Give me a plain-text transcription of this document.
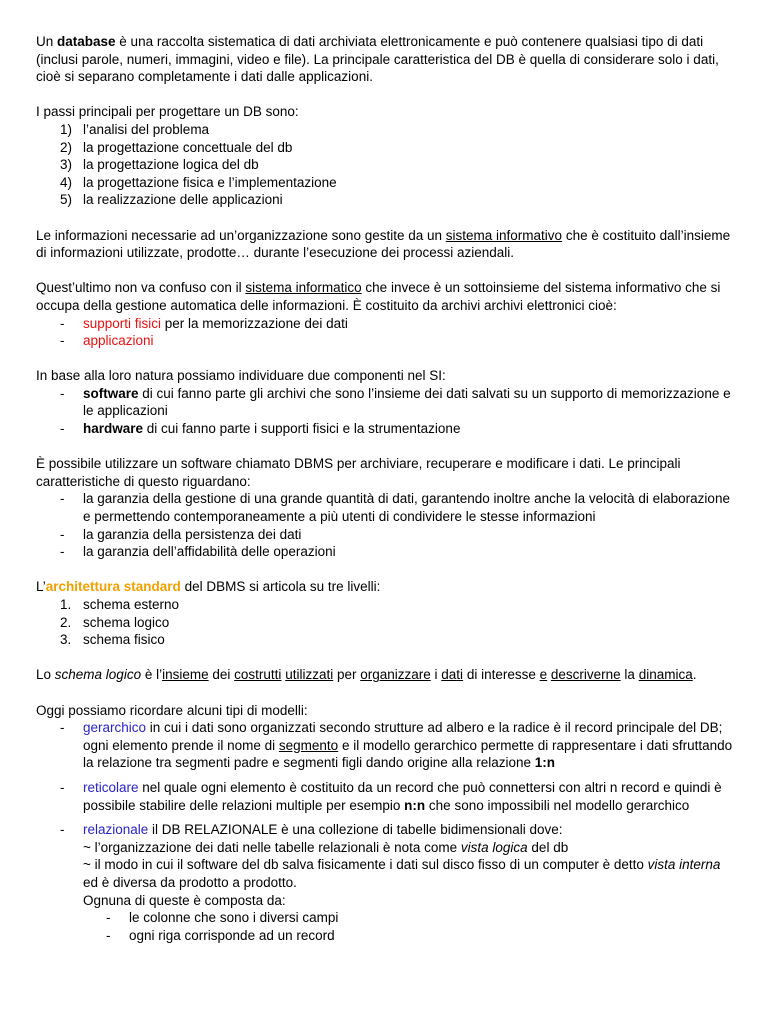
Un database è una raccolta sistematica di dati archiviata elettronicamente e può contenere qualsiasi tipo di dati (inclusi parole, numeri, immagini, video e file). La principale caratteristica del DB è quella di considerare solo i dati, cioè si separano completamente i dati dalle applicazioni.

I passi principali per progettare un DB sono:

1) l’analisi del problema
2) la progettazione concettuale del db
3) la progettazione logica del db
4) la progettazione fisica e l’implementazione
5) la realizzazione delle applicazioni

Le informazioni necessarie ad un’organizzazione sono gestite da un sistema informativo che è costituito dall’insieme di informazioni utilizzate, prodotte… durante l’esecuzione dei processi aziendali.

Quest’ultimo non va confuso con il sistema informatico che invece è un sottoinsieme del sistema informativo che si occupa della gestione automatica delle informazioni. È costituito da archivi archivi elettronici cioè:

- supporti fisici per la memorizzazione dei dati
- applicazioni

In base alla loro natura possiamo individuare due componenti nel SI:

- software di cui fanno parte gli archivi che sono l’insieme dei dati salvati su un supporto di memorizzazione e le applicazioni
- hardware di cui fanno parte i supporti fisici e la strumentazione

È possibile utilizzare un software chiamato DBMS per archiviare, recuperare e modificare i dati. Le principali caratteristiche di questo riguardano:

- la garanzia della gestione di una grande quantità di dati, garantendo inoltre anche la velocità di elaborazione e permettendo contemporaneamente a più utenti di condividere le stesse informazioni
- la garanzia della persistenza dei dati
- la garanzia dell’affidabilità delle operazioni

L’architettura standard del DBMS si articola su tre livelli:

1. schema esterno
2. schema logico
3. schema fisico

Lo schema logico è l’insieme dei costrutti utilizzati per organizzare i dati di interesse e descriverne la dinamica.

Oggi possiamo ricordare alcuni tipi di modelli:

- gerarchico in cui i dati sono organizzati secondo strutture ad albero e la radice è il record principale del DB; ogni elemento prende il nome di segmento e il modello gerarchico permette di rappresentare i dati sfruttando la relazione tra segmenti padre e segmenti figli dando origine alla relazione 1:n
- reticolare nel quale ogni elemento è costituito da un record che può connettersi con altri n record e quindi è possibile stabilire delle relazioni multiple per esempio n:n che sono impossibili nel modello gerarchico
- relazionale il DB RELAZIONALE è una collezione di tabelle bidimensionali dove:
~ l’organizzazione dei dati nelle tabelle relazionali è nota come vista logica del db
~ il modo in cui il software del db salva fisicamente i dati sul disco fisso di un computer è detto vista interna ed è diversa da prodotto a prodotto.
Ognuna di queste è composta da:
- le colonne che sono i diversi campi
- ogni riga corrisponde ad un record
